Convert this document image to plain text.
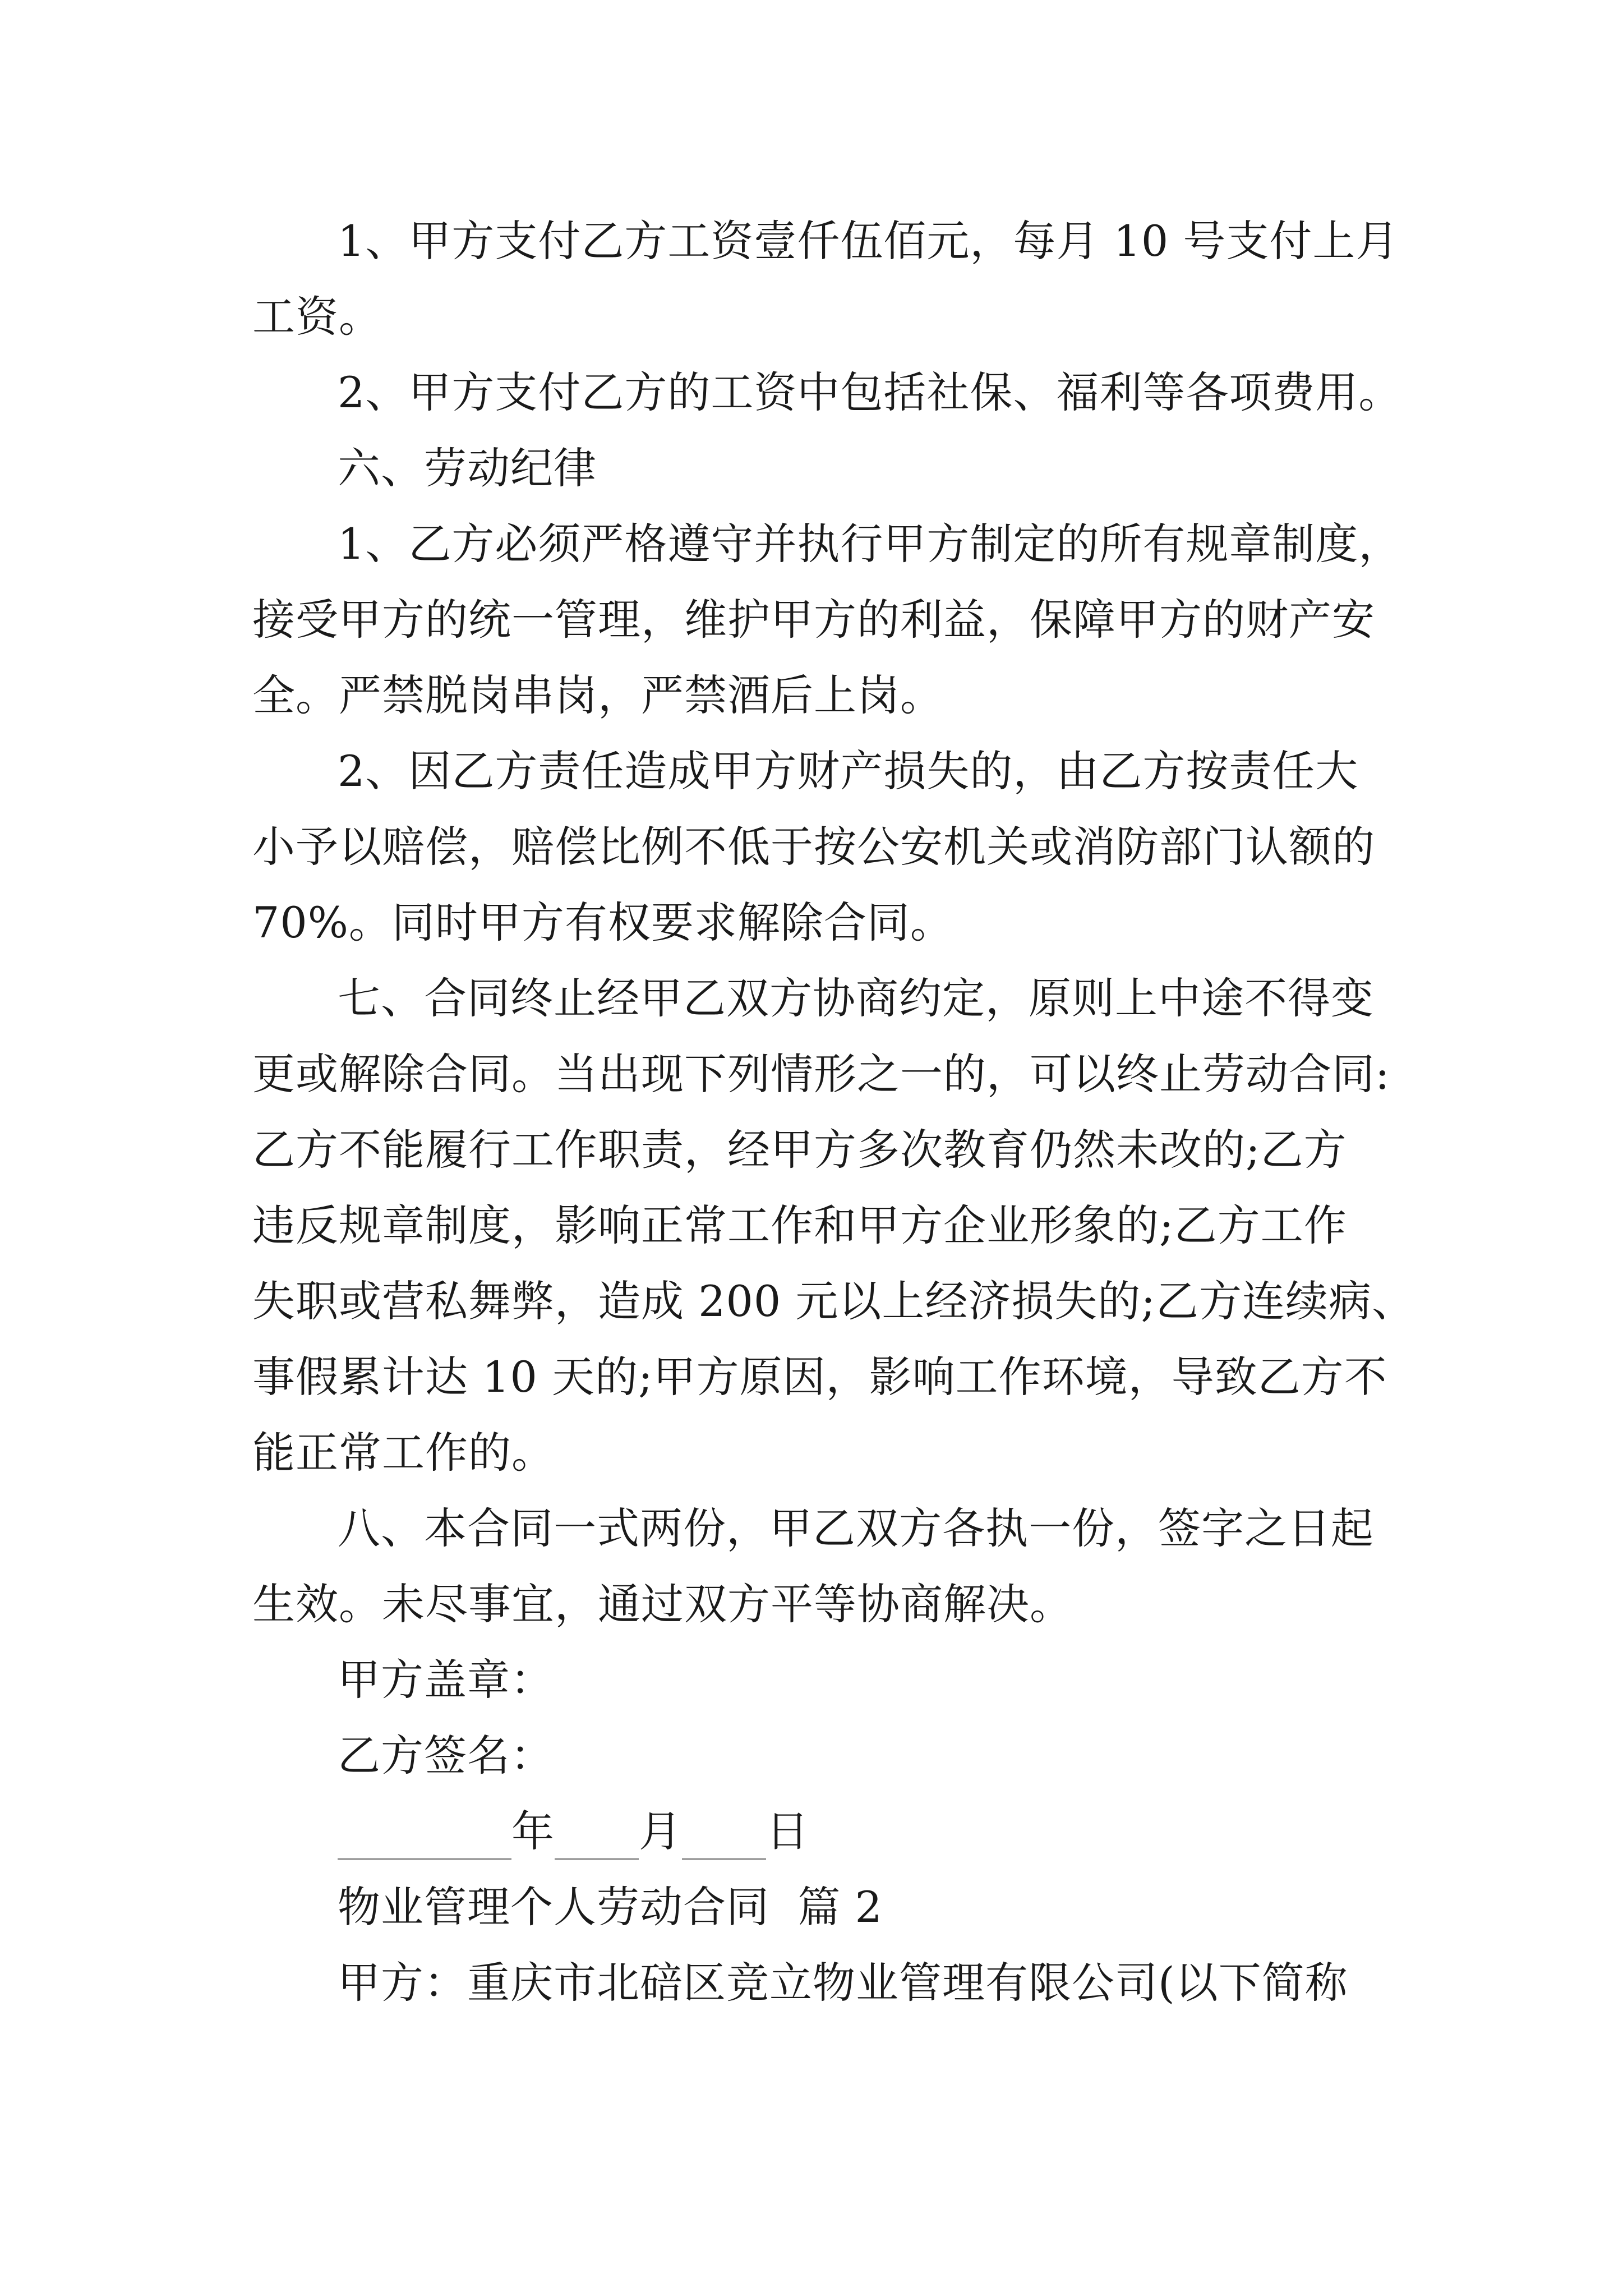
1、甲方支付乙方工资壹仟伍佰元，每月 10 号支付上月
工资。
2、甲方支付乙方的工资中包括社保、福利等各项费用。
六、劳动纪律
1、乙方必须严格遵守并执行甲方制定的所有规章制度，
接受甲方的统一管理，维护甲方的利益，保障甲方的财产安
全。严禁脱岗串岗，严禁酒后上岗。
2、因乙方责任造成甲方财产损失的，由乙方按责任大
小予以赔偿，赔偿比例不低于按公安机关或消防部门认额的
70%。同时甲方有权要求解除合同。
七、合同终止经甲乙双方协商约定，原则上中途不得变
更或解除合同。当出现下列情形之一的，可以终止劳动合同:
乙方不能履行工作职责，经甲方多次教育仍然未改的;乙方
违反规章制度，影响正常工作和甲方企业形象的;乙方工作
失职或营私舞弊，造成 200 元以上经济损失的;乙方连续病、
事假累计达 10 天的;甲方原因，影响工作环境，导致乙方不
能正常工作的。
八、本合同一式两份，甲乙双方各执一份，签字之日起
生效。未尽事宜，通过双方平等协商解决。
甲方盖章：
乙方签名：
年 月 日
物业管理个人劳动合同  篇 2
甲方：重庆市北碚区竞立物业管理有限公司(以下简称
